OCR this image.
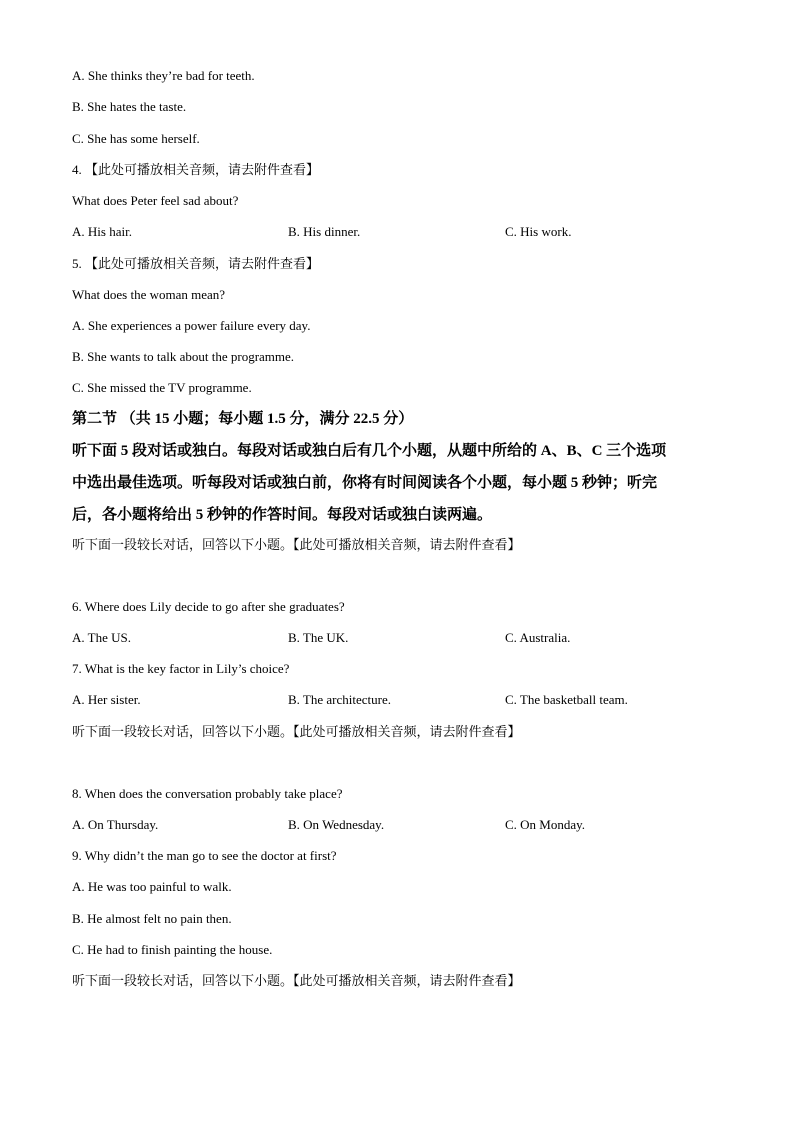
A. She thinks they’re bad for teeth.
B. She hates the taste.
C. She has some herself.
4. 【此处可播放相关音频，请去附件查看】
What does Peter feel sad about?
A. His hair.	B. His dinner.	C. His work.
5. 【此处可播放相关音频，请去附件查看】
What does the woman mean?
A. She experiences a power failure every day.
B. She wants to talk about the programme.
C. She missed the TV programme.
第二节 （共 15 小题；每小题 1.5 分，满分 22.5 分）
听下面 5 段对话或独白。每段对话或独白后有几个小题，从题中所给的 A、B、C 三个选项
中选出最佳选项。听每段对话或独白前，你将有时间阅读各个小题，每小题 5 秒钟；听完
后，各小题将给出 5 秒钟的作答时间。每段对话或独白读两遍。
听下面一段较长对话，回答以下小题。【此处可播放相关音频，请去附件查看】
6. Where does Lily decide to go after she graduates?
A. The US.	B. The UK.	C. Australia.
7. What is the key factor in Lily’s choice?
A. Her sister.	B. The architecture.	C. The basketball team.
听下面一段较长对话，回答以下小题。【此处可播放相关音频，请去附件查看】
8. When does the conversation probably take place?
A. On Thursday.	B. On Wednesday.	C. On Monday.
9. Why didn’t the man go to see the doctor at first?
A. He was too painful to walk.
B. He almost felt no pain then.
C. He had to finish painting the house.
听下面一段较长对话，回答以下小题。【此处可播放相关音频，请去附件查看】
